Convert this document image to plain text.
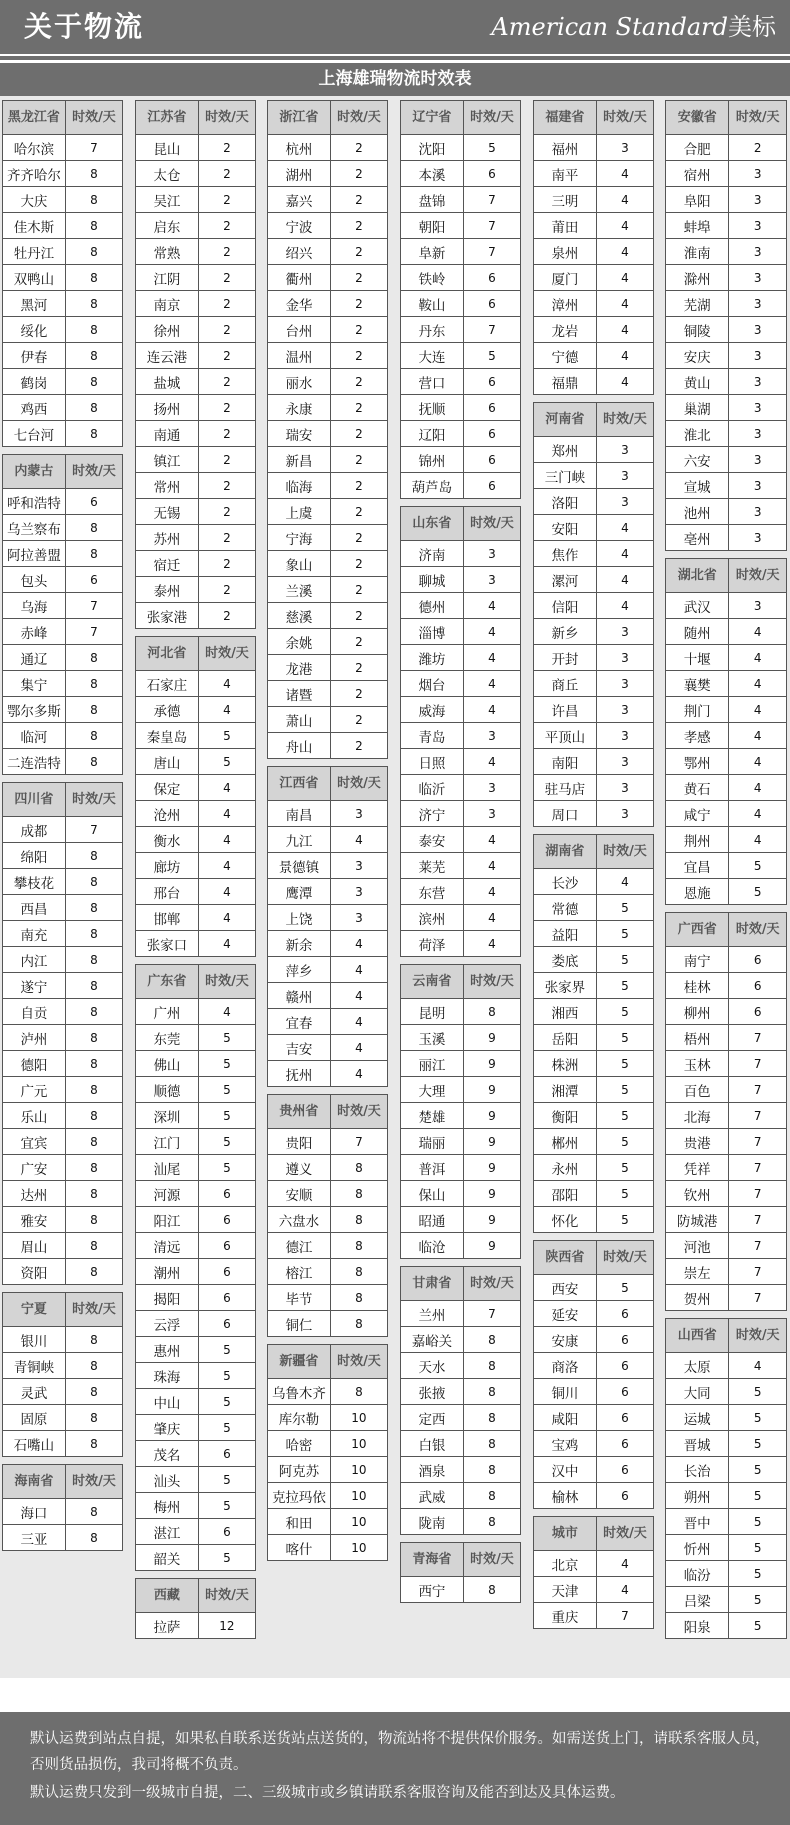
关于物流	American Standard美标
上海雄瑞物流时效表
黑龙江省 时效/天
哈尔滨	7
齐齐哈尔	8
大庆	8
佳木斯	8
牡丹江	8
双鸭山	8
黑河	8
绥化	8
伊春	8
鹤岗	8
鸡西	8
七台河	8
内蒙古	时效/天
呼和浩特	6
乌兰察布	8
阿拉善盟	8
包头	6
乌海	7
赤峰	7
通辽	8
集宁	8
鄂尔多斯	8
临河	8
二连浩特	8
四川省	时效/天
成都	7
绵阳	8
攀枝花	8
西昌	8
南充	8
内江	8
遂宁	8
自贡	8
泸州	8
德阳	8
广元	8
乐山	8
宜宾	8
广安	8
达州	8
雅安	8
眉山	8
资阳	8
宁夏	时效/天
银川	8
青铜峡	8
灵武	8
固原	8
石嘴山	8
海南省	时效/天
海口	8
三亚	8
江苏省	时效/天
昆山	2
太仓	2
吴江	2
启东	2
常熟	2
江阴	2
南京	2
徐州	2
连云港	2
盐城	2
扬州	2
南通	2
镇江	2
常州	2
无锡	2
苏州	2
宿迁	2
泰州	2
张家港	2
河北省	时效/天
石家庄	4
承德	4
秦皇岛	5
唐山	5
保定	4
沧州	4
衡水	4
廊坊	4
邢台	4
邯郸	4
张家口	4
广东省	时效/天
广州	4
东莞	5
佛山	5
顺德	5
深圳	5
江门	5
汕尾	5
河源	6
阳江	6
清远	6
潮州	6
揭阳	6
云浮	6
惠州	5
珠海	5
中山	5
肇庆	5
茂名	6
汕头	5
梅州	5
湛江	6
韶关	5
西藏	时效/天
拉萨	12
浙江省	时效/天
杭州	2
湖州	2
嘉兴	2
宁波	2
绍兴	2
衢州	2
金华	2
台州	2
温州	2
丽水	2
永康	2
瑞安	2
新昌	2
临海	2
上虞	2
宁海	2
象山	2
兰溪	2
慈溪	2
余姚	2
龙港	2
诸暨	2
萧山	2
舟山	2
江西省	时效/天
南昌	3
九江	4
景德镇	3
鹰潭	3
上饶	3
新余	4
萍乡	4
赣州	4
宜春	4
吉安	4
抚州	4
贵州省	时效/天
贵阳	7
遵义	8
安顺	8
六盘水	8
德江	8
榕江	8
毕节	8
铜仁	8
新疆省	时效/天
乌鲁木齐	8
库尔勒	10
哈密	10
阿克苏	10
克拉玛依	10
和田	10
喀什	10
辽宁省	时效/天
沈阳	5
本溪	6
盘锦	7
朝阳	7
阜新	7
铁岭	6
鞍山	6
丹东	7
大连	5
营口	6
抚顺	6
辽阳	6
锦州	6
葫芦岛	6
山东省	时效/天
济南	3
聊城	3
德州	4
淄博	4
潍坊	4
烟台	4
威海	4
青岛	3
日照	4
临沂	3
济宁	3
泰安	4
莱芜	4
东营	4
滨州	4
荷泽	4
云南省	时效/天
昆明	8
玉溪	9
丽江	9
大理	9
楚雄	9
瑞丽	9
普洱	9
保山	9
昭通	9
临沧	9
甘肃省	时效/天
兰州	7
嘉峪关	8
天水	8
张掖	8
定西	8
白银	8
酒泉	8
武威	8
陇南	8
青海省	时效/天
西宁	8
福建省	时效/天
福州	3
南平	4
三明	4
莆田	4
泉州	4
厦门	4
漳州	4
龙岩	4
宁德	4
福鼎	4
河南省	时效/天
郑州	3
三门峡	3
洛阳	3
安阳	4
焦作	4
漯河	4
信阳	4
新乡	3
开封	3
商丘	3
许昌	3
平顶山	3
南阳	3
驻马店	3
周口	3
湖南省	时效/天
长沙	4
常德	5
益阳	5
娄底	5
张家界	5
湘西	5
岳阳	5
株洲	5
湘潭	5
衡阳	5
郴州	5
永州	5
邵阳	5
怀化	5
陕西省	时效/天
西安	5
延安	6
安康	6
商洛	6
铜川	6
咸阳	6
宝鸡	6
汉中	6
榆林	6
城市	时效/天
北京	4
天津	4
重庆	7
安徽省	时效/天
合肥	2
宿州	3
阜阳	3
蚌埠	3
淮南	3
滁州	3
芜湖	3
铜陵	3
安庆	3
黄山	3
巢湖	3
淮北	3
六安	3
宣城	3
池州	3
亳州	3
湖北省	时效/天
武汉	3
随州	4
十堰	4
襄樊	4
荆门	4
孝感	4
鄂州	4
黄石	4
咸宁	4
荆州	4
宜昌	5
恩施	5
广西省	时效/天
南宁	6
桂林	6
柳州	6
梧州	7
玉林	7
百色	7
北海	7
贵港	7
凭祥	7
钦州	7
防城港	7
河池	7
崇左	7
贺州	7
山西省	时效/天
太原	4
大同	5
运城	5
晋城	5
长治	5
朔州	5
晋中	5
忻州	5
临汾	5
吕梁	5
阳泉	5

默认运费到站点自提，如果私自联系送货站点送货的，物流站将不提供保价服务。如需送货上门，请联系客服人员，否则货品损伤，我司将概不负责。

默认运费只发到一级城市自提，二、三级城市或乡镇请联系客服咨询及能否到达及具体运费。
